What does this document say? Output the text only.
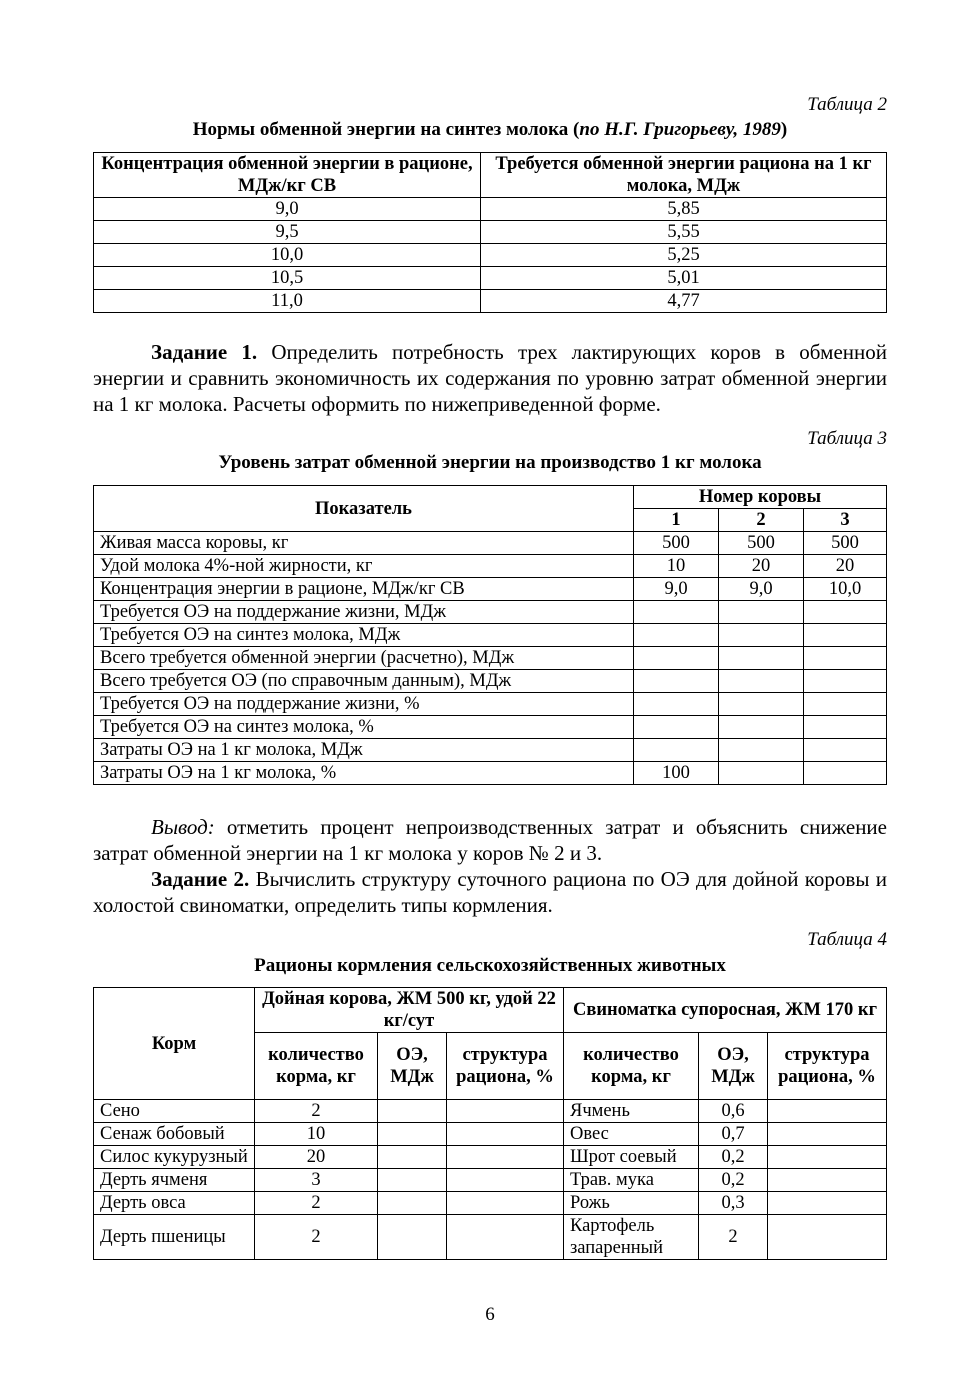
Таблица 2
Нормы обменной энергии на синтез молока (по Н.Г. Григорьеву, 1989)
Концентрация обменной энергии в рационе, МДж/кг СВ	Требуется обменной энергии рациона на 1 кг молока, МДж
9,0	5,85
9,5	5,55
10,0	5,25
10,5	5,01
11,0	4,77

Задание 1. Определить потребность трех лактирующих коров в обменной энергии и сравнить экономичность их содержания по уровню затрат обменной энергии на 1 кг молока. Расчеты оформить по нижеприведенной форме.

Таблица 3
Уровень затрат обменной энергии на производство 1 кг молока
Показатель	Номер коровы		
	1	2	3
Живая масса коровы, кг	500	500	500
Удой молока 4%-ной жирности, кг	10	20	20
Концентрация энергии в рационе, МДж/кг СВ	9,0	9,0	10,0
Требуется ОЭ на поддержание жизни, МДж			
Требуется ОЭ на синтез молока, МДж			
Всего требуется обменной энергии (расчетно), МДж			
Всего требуется ОЭ (по справочным данным), МДж			
Требуется ОЭ на поддержание жизни, %			
Требуется ОЭ на синтез молока, %			
Затраты ОЭ на 1 кг молока, МДж			
Затраты ОЭ на 1 кг молока, %	100		

Вывод: отметить процент непроизводственных затрат и объяснить снижение затрат обменной энергии на 1 кг молока у коров № 2 и 3.

Задание 2. Вычислить структуру суточного рациона по ОЭ для дойной коровы и холостой свиноматки, определить типы кормления.

Таблица 4
Рационы кормления сельскохозяйственных животных
Корм	Дойная корова, ЖМ 500 кг, удой 22 кг/сут			Свиноматка супоросная, ЖМ 170 кг		
	количество корма, кг	ОЭ, МДж	структура рациона, %	количество корма, кг	ОЭ, МДж	структура рациона, %
Сено	2			Ячмень	0,6	
Сенаж бобовый	10			Овес	0,7	
Силос кукурузный	20			Шрот соевый	0,2	
Дерть ячменя	3			Трав. мука	0,2	
Дерть овса	2			Рожь	0,3	
Дерть пшеницы	2			Картофель запаренный	2	
6
